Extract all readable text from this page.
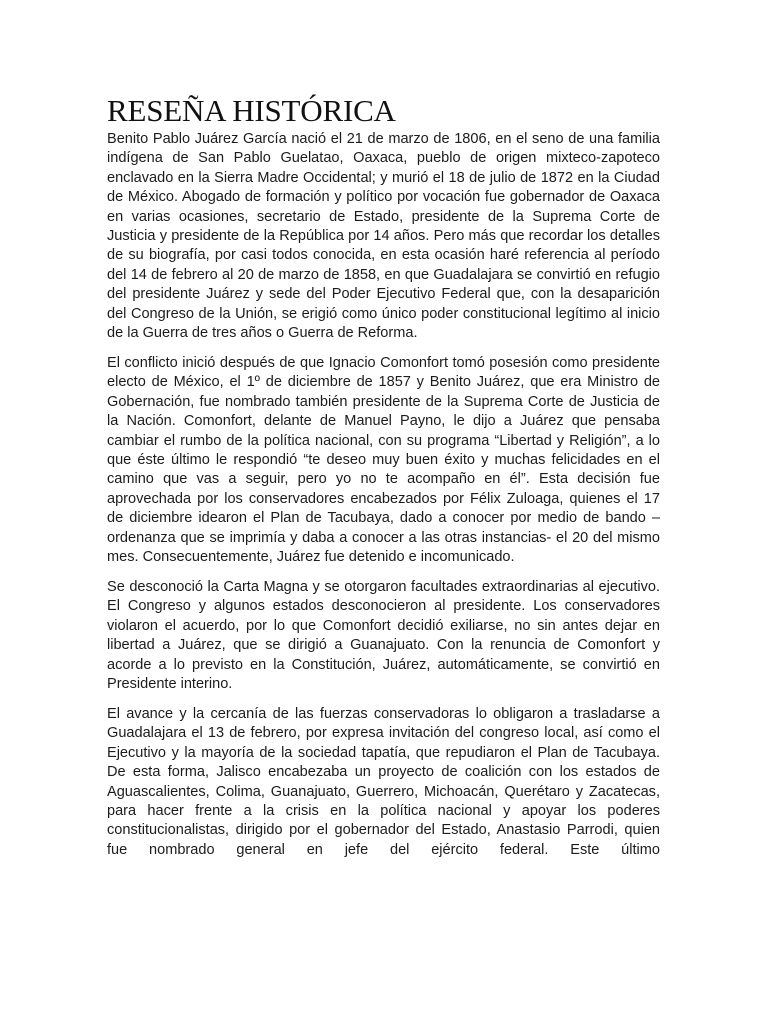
RESEÑA HISTÓRICA

Benito Pablo Juárez García nació el 21 de marzo de 1806, en el seno de una familia indígena de San Pablo Guelatao, Oaxaca, pueblo de origen mixteco-zapoteco enclavado en la Sierra Madre Occidental; y murió el 18 de julio de 1872 en la Ciudad de México. Abogado de formación y político por vocación fue gobernador de Oaxaca en varias ocasiones, secretario de Estado, presidente de la Suprema Corte de Justicia y presidente de la República por 14 años. Pero más que recordar los detalles de su biografía, por casi todos conocida, en esta ocasión haré referencia al período del 14 de febrero al 20 de marzo de 1858, en que Guadalajara se convirtió en refugio del presidente Juárez y sede del Poder Ejecutivo Federal que, con la desaparición del Congreso de la Unión, se erigió como único poder constitucional legítimo al inicio de la Guerra de tres años o Guerra de Reforma.

El conflicto inició después de que Ignacio Comonfort tomó posesión como presidente electo de México, el 1º de diciembre de 1857 y Benito Juárez, que era Ministro de Gobernación, fue nombrado también presidente de la Suprema Corte de Justicia de la Nación. Comonfort, delante de Manuel Payno, le dijo a Juárez que pensaba cambiar el rumbo de la política nacional, con su programa “Libertad y Religión”, a lo que éste último le respondió “te deseo muy buen éxito y muchas felicidades en el camino que vas a seguir, pero yo no te acompaño en él”. Esta decisión fue aprovechada por los conservadores encabezados por Félix Zuloaga, quienes el 17 de diciembre idearon el Plan de Tacubaya, dado a conocer por medio de bando – ordenanza que se imprimía y daba a conocer a las otras instancias- el 20 del mismo mes. Consecuentemente, Juárez fue detenido e incomunicado.

Se desconoció la Carta Magna y se otorgaron facultades extraordinarias al ejecutivo. El Congreso y algunos estados desconocieron al presidente. Los conservadores violaron el acuerdo, por lo que Comonfort decidió exiliarse, no sin antes dejar en libertad a Juárez, que se dirigió a Guanajuato. Con la renuncia de Comonfort y acorde a lo previsto en la Constitución, Juárez, automáticamente, se convirtió en Presidente interino.

El avance y la cercanía de las fuerzas conservadoras lo obligaron a trasladarse a Guadalajara el 13 de febrero, por expresa invitación del congreso local, así como el Ejecutivo y la mayoría de la sociedad tapatía, que repudiaron el Plan de Tacubaya. De esta forma, Jalisco encabezaba un proyecto de coalición con los estados de Aguascalientes, Colima, Guanajuato, Guerrero, Michoacán, Querétaro y Zacatecas, para hacer frente a la crisis en la política nacional y apoyar los poderes constitucionalistas, dirigido por el gobernador del Estado, Anastasio Parrodi, quien fue nombrado general en jefe del ejército federal. Este último
